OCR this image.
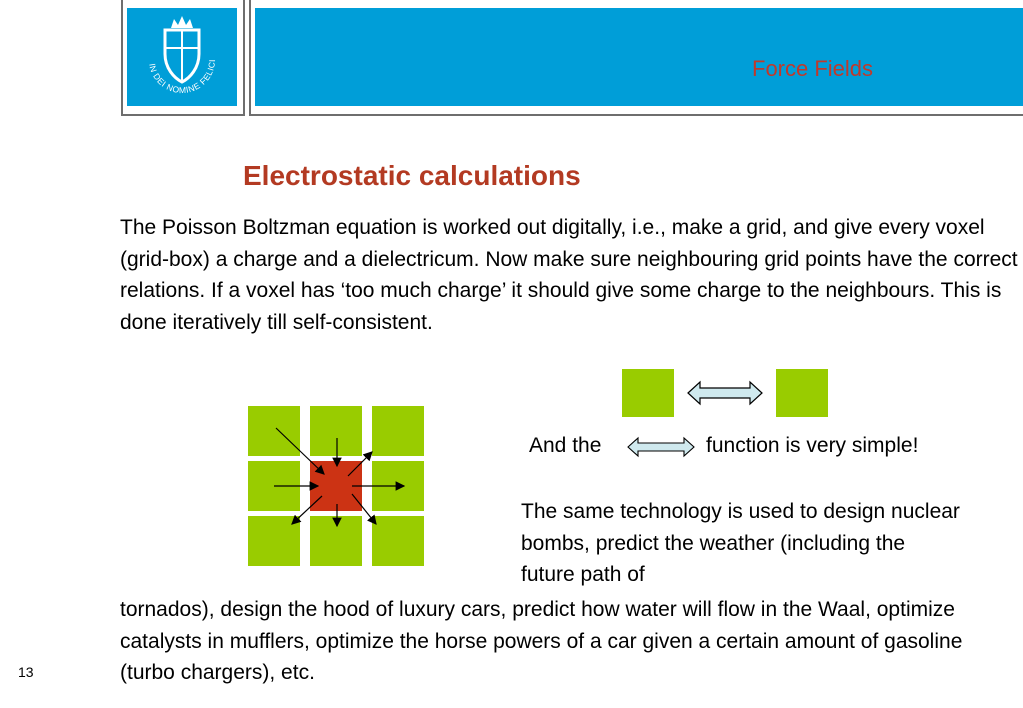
IN DEI NOMINE FELICI	Force Fields
Electrostatic calculations
The Poisson Boltzman equation is worked out digitally, i.e., make a grid, and give every voxel (grid-box) a charge and a dielectricum. Now make sure neighbouring grid points have the correct relations. If a voxel has ‘too much charge’ it should give some charge to the neighbours. This is done iteratively till self-consistent.
And the	function is very simple!
The same technology is used to design nuclear bombs, predict the weather (including the future path of
tornados), design the hood of luxury cars, predict how water will flow in the Waal, optimize catalysts in mufflers, optimize the horse powers of a car given a certain amount of gasoline (turbo chargers), etc.
13
